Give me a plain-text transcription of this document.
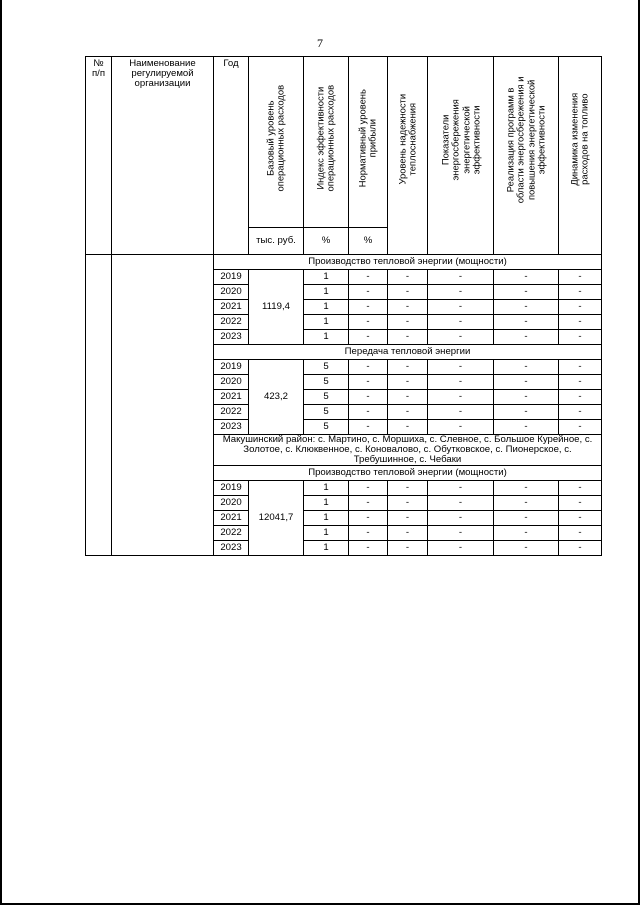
7
№
п/п	Наименование регулируемой организации	Год	Базовый уровень
операционных расходов	Индекс эффективности
операционных расходов	Нормативный уровень
прибыли	Уровень надежности
теплоснабжения	Показатели
энергосбережения
энергетической
эффективности	Реализация программ в
области энергосбережения и
повышения энергетической
эффективности	Динамика изменения
расходов на топливо

			тыс. руб.	%	%				
		Производство тепловой энергии (мощности)							
		2019	1119,4	1	-	-	-	-	-
		2020		1	-	-	-	-	-
		2021		1	-	-	-	-	-
		2022		1	-	-	-	-	-
		2023		1	-	-	-	-	-
		Передача тепловой энергии							
		2019	423,2	5	-	-	-	-	-
		2020		5	-	-	-	-	-
		2021		5	-	-	-	-	-
		2022		5	-	-	-	-	-
		2023		5	-	-	-	-	-
		Макушинский район: с. Мартино, с. Моршиха, с. Слевное, с. Большое Курейное, с. Золотое, с. Клюквенное, с. Коновалово, с. Обутковское, с. Пионерское, с. Требушинное, с. Чебаки							
		Производство тепловой энергии (мощности)							
		2019	12041,7	1	-	-	-	-	-
		2020		1	-	-	-	-	-
		2021		1	-	-	-	-	-
		2022		1	-	-	-	-	-
		2023		1	-	-	-	-	-
